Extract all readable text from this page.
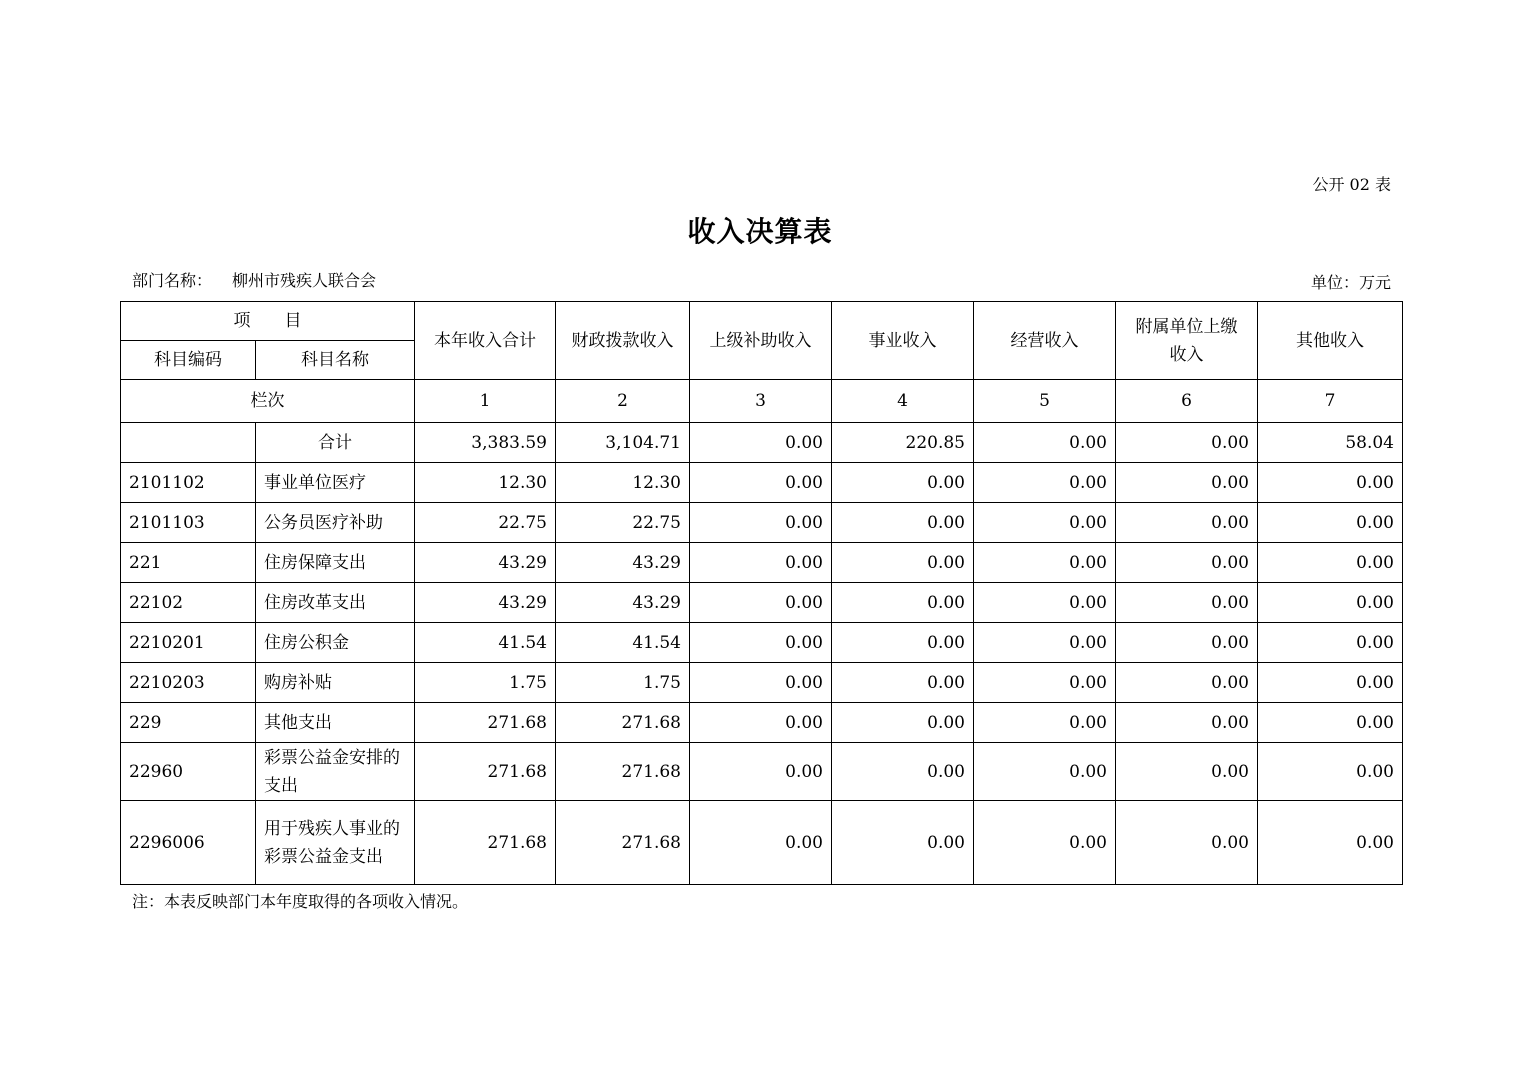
公开 02 表
收入决算表
部门名称： 柳州市残疾人联合会	单位：万元
项　　目		本年收入合计	财政拨款收入	上级补助收入	事业收入	经营收入	附属单位上缴收入	其他收入
科目编码	科目名称							
栏次		1	2	3	4	5	6	7
	合计	3,383.59	3,104.71	0.00	220.85	0.00	0.00	58.04
2101102	事业单位医疗	12.30	12.30	0.00	0.00	0.00	0.00	0.00
2101103	公务员医疗补助	22.75	22.75	0.00	0.00	0.00	0.00	0.00
221	住房保障支出	43.29	43.29	0.00	0.00	0.00	0.00	0.00
22102	住房改革支出	43.29	43.29	0.00	0.00	0.00	0.00	0.00
2210201	住房公积金	41.54	41.54	0.00	0.00	0.00	0.00	0.00
2210203	购房补贴	1.75	1.75	0.00	0.00	0.00	0.00	0.00
229	其他支出	271.68	271.68	0.00	0.00	0.00	0.00	0.00
22960	彩票公益金安排的支出	271.68	271.68	0.00	0.00	0.00	0.00	0.00
2296006	用于残疾人事业的彩票公益金支出	271.68	271.68	0.00	0.00	0.00	0.00	0.00
注：本表反映部门本年度取得的各项收入情况。
